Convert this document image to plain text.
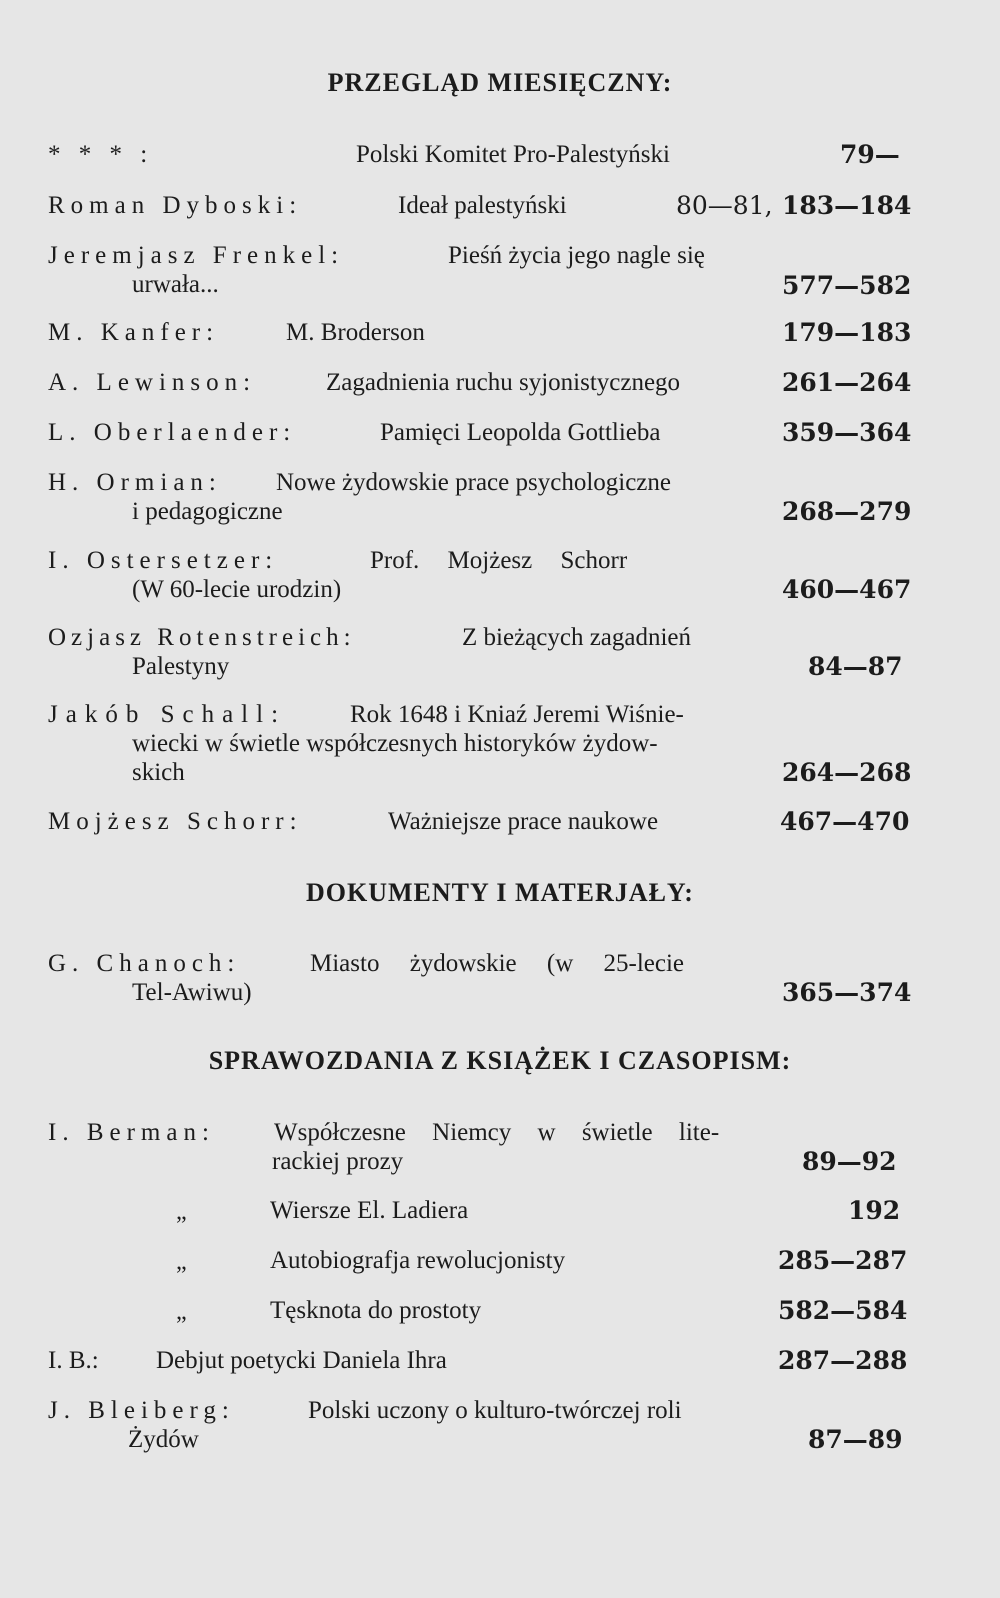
PRZEGLĄD MIESIĘCZNY:
* * * :	Polski Komitet Pro-Palestyński	79—
Roman Dyboski:	Ideał palestyński	80—81, 183—184
Jeremjasz Frenkel:	Pieśń życia jego nagle się
urwała...	577—582
M. Kanfer:	M. Broderson	179—183
A. Lewinson:	Zagadnienia ruchu syjonistycznego	261—264
L. Oberlaender:	Pamięci Leopolda Gottlieba	359—364
H. Ormian:	Nowe żydowskie prace psychologiczne
i pedagogiczne	268—279
I. Ostersetzer:	Prof. Mojżesz Schorr
(W 60-lecie urodzin)	460—467
Ozjasz Rotenstreich:	Z bieżących zagadnień
Palestyny	84—87
Jakób Schall:	Rok 1648 i Kniaź Jeremi Wiśnie-
wiecki w świetle współczesnych historyków żydow-
skich	264—268
Mojżesz Schorr:	Ważniejsze prace naukowe	467—470
DOKUMENTY I MATERJAŁY:
G. Chanoch:	Miasto żydowskie (w 25-lecie
Tel-Awiwu)	365—374
SPRAWOZDANIA Z KSIĄŻEK I CZASOPISM:
I. Berman:	Współczesne Niemcy w świetle lite-
rackiej prozy	89—92
„	Wiersze El. Ladiera	192
„	Autobiografja rewolucjonisty	285—287
„	Tęsknota do prostoty	582—584
I. B.: Debjut poetycki Daniela Ihra	287—288
J. Bleiberg:	Polski uczony o kulturo-twórczej roli
Żydów	87—89
